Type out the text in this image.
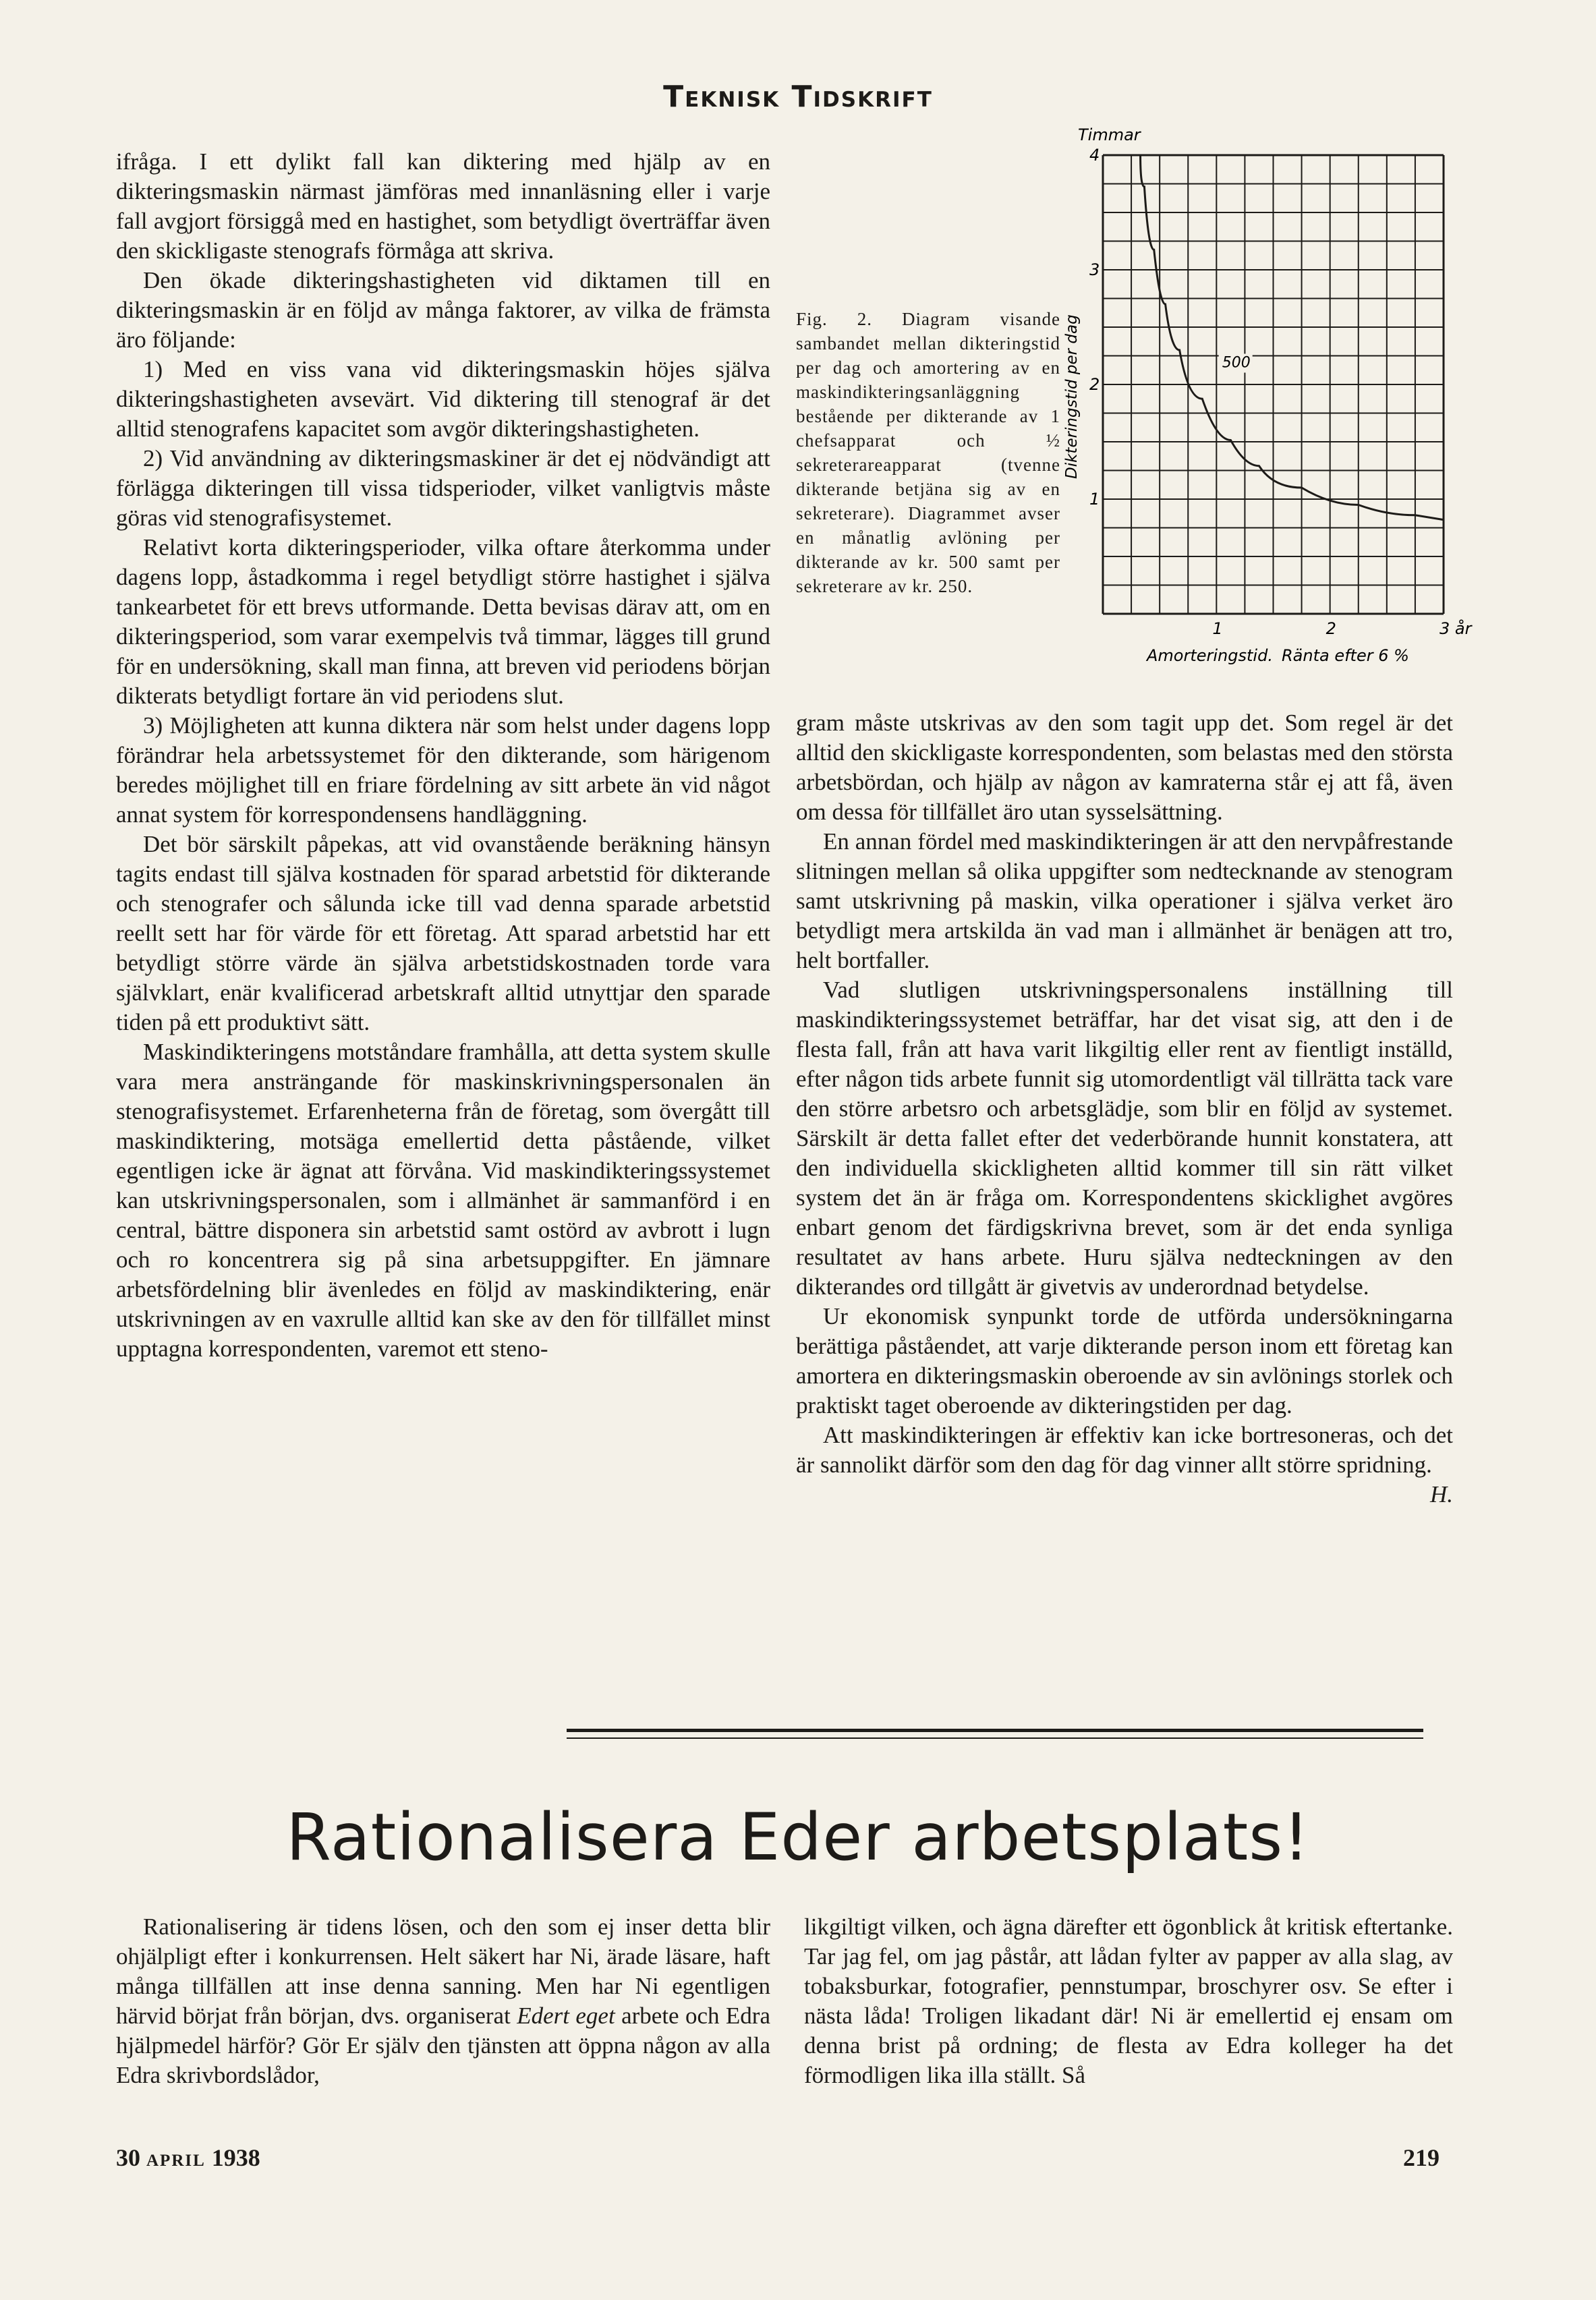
Teknisk Tidskrift

ifråga. I ett dylikt fall kan diktering med hjälp av en dikteringsmaskin närmast jämföras med innanläsning eller i varje fall avgjort försiggå med en hastighet, som betydligt överträffar även den skickligaste stenografs förmåga att skriva.

Den ökade dikteringshastigheten vid diktamen till en dikteringsmaskin är en följd av många faktorer, av vilka de främsta äro följande:

1) Med en viss vana vid dikteringsmaskin höjes själva dikteringshastigheten avsevärt. Vid diktering till stenograf är det alltid stenografens kapacitet som avgör dikteringshastigheten.

2) Vid användning av dikteringsmaskiner är det ej nödvändigt att förlägga dikteringen till vissa tidsperioder, vilket vanligtvis måste göras vid stenografisystemet.

Relativt korta dikteringsperioder, vilka oftare återkomma under dagens lopp, åstadkomma i regel betydligt större hastighet i själva tankearbetet för ett brevs utformande. Detta bevisas därav att, om en dikteringsperiod, som varar exempelvis två timmar, lägges till grund för en undersökning, skall man finna, att breven vid periodens början dikterats betydligt fortare än vid periodens slut.

3) Möjligheten att kunna diktera när som helst under dagens lopp förändrar hela arbetssystemet för den dikterande, som härigenom beredes möjlighet till en friare fördelning av sitt arbete än vid något annat system för korrespondensens handläggning.

Det bör särskilt påpekas, att vid ovanstående beräkning hänsyn tagits endast till själva kostnaden för sparad arbetstid för dikterande och stenografer och sålunda icke till vad denna sparade arbetstid reellt sett har för värde för ett företag. Att sparad arbetstid har ett betydligt större värde än själva arbetstidskostnaden torde vara självklart, enär kvalificerad arbetskraft alltid utnyttjar den sparade tiden på ett produktivt sätt.

Maskindikteringens motståndare framhålla, att detta system skulle vara mera ansträngande för maskinskrivningspersonalen än stenografisystemet. Erfarenheterna från de företag, som övergått till maskindiktering, motsäga emellertid detta påstående, vilket egentligen icke är ägnat att förvåna. Vid maskindikteringssystemet kan utskrivningspersonalen, som i allmänhet är sammanförd i en central, bättre disponera sin arbetstid samt ostörd av avbrott i lugn och ro koncentrera sig på sina arbetsuppgifter. En jämnare arbetsfördelning blir ävenledes en följd av maskindiktering, enär utskrivningen av en vaxrulle alltid kan ske av den för tillfället minst upptagna korrespondenten, varemot ett steno-

Fig. 2. Diagram visande sambandet mellan dikteringstid per dag och amortering av en maskindikteringsanläggning bestående per dikterande av 1 chefsapparat och ½ sekreterareapparat (tvenne dikterande betjäna sig av en sekreterare). Diagrammet avser en månatlig avlöning per dikterande av kr. 500 samt per sekreterare av kr. 250.
1
2
3
4
1	2	3 år
Timmar
Dikteringstid per dag	500
Amorteringstid. Ränta efter 6 %

gram måste utskrivas av den som tagit upp det. Som regel är det alltid den skickligaste korrespondenten, som belastas med den största arbetsbördan, och hjälp av någon av kamraterna står ej att få, även om dessa för tillfället äro utan sysselsättning.

En annan fördel med maskindikteringen är att den nervpåfrestande slitningen mellan så olika uppgifter som nedtecknande av stenogram samt utskrivning på maskin, vilka operationer i själva verket äro betydligt mera artskilda än vad man i allmänhet är benägen att tro, helt bortfaller.

Vad slutligen utskrivningspersonalens inställning till maskindikteringssystemet beträffar, har det visat sig, att den i de flesta fall, från att hava varit likgiltig eller rent av fientligt inställd, efter någon tids arbete funnit sig utomordentligt väl tillrätta tack vare den större arbetsro och arbetsglädje, som blir en följd av systemet. Särskilt är detta fallet efter det vederbörande hunnit konstatera, att den individuella skickligheten alltid kommer till sin rätt vilket system det än är fråga om. Korrespondentens skicklighet avgöres enbart genom det färdigskrivna brevet, som är det enda synliga resultatet av hans arbete. Huru själva nedteckningen av den dikterandes ord tillgått är givetvis av underordnad betydelse.

Ur ekonomisk synpunkt torde de utförda undersökningarna berättiga påståendet, att varje dikterande person inom ett företag kan amortera en dikteringsmaskin oberoende av sin avlönings storlek och praktiskt taget oberoende av dikteringstiden per dag.

Att maskindikteringen är effektiv kan icke bortresoneras, och det är sannolikt därför som den dag för dag vinner allt större spridning.
H.

Rationalisera Eder arbetsplats!

Rationalisering är tidens lösen, och den som ej inser detta blir ohjälpligt efter i konkurrensen. Helt säkert har Ni, ärade läsare, haft många tillfällen att inse denna sanning. Men har Ni egentligen härvid börjat från början, dvs. organiserat Edert eget arbete och Edra hjälpmedel härför? Gör Er själv den tjänsten att öppna någon av alla Edra skrivbordslådor,

likgiltigt vilken, och ägna därefter ett ögonblick åt kritisk eftertanke. Tar jag fel, om jag påstår, att lådan fylter av papper av alla slag, av tobaksburkar, fotografier, pennstumpar, broschyrer osv. Se efter i nästa låda! Troligen likadant där! Ni är emellertid ej ensam om denna brist på ordning; de flesta av Edra kolleger ha det förmodligen lika illa ställt. Så

30 april 1938	219
